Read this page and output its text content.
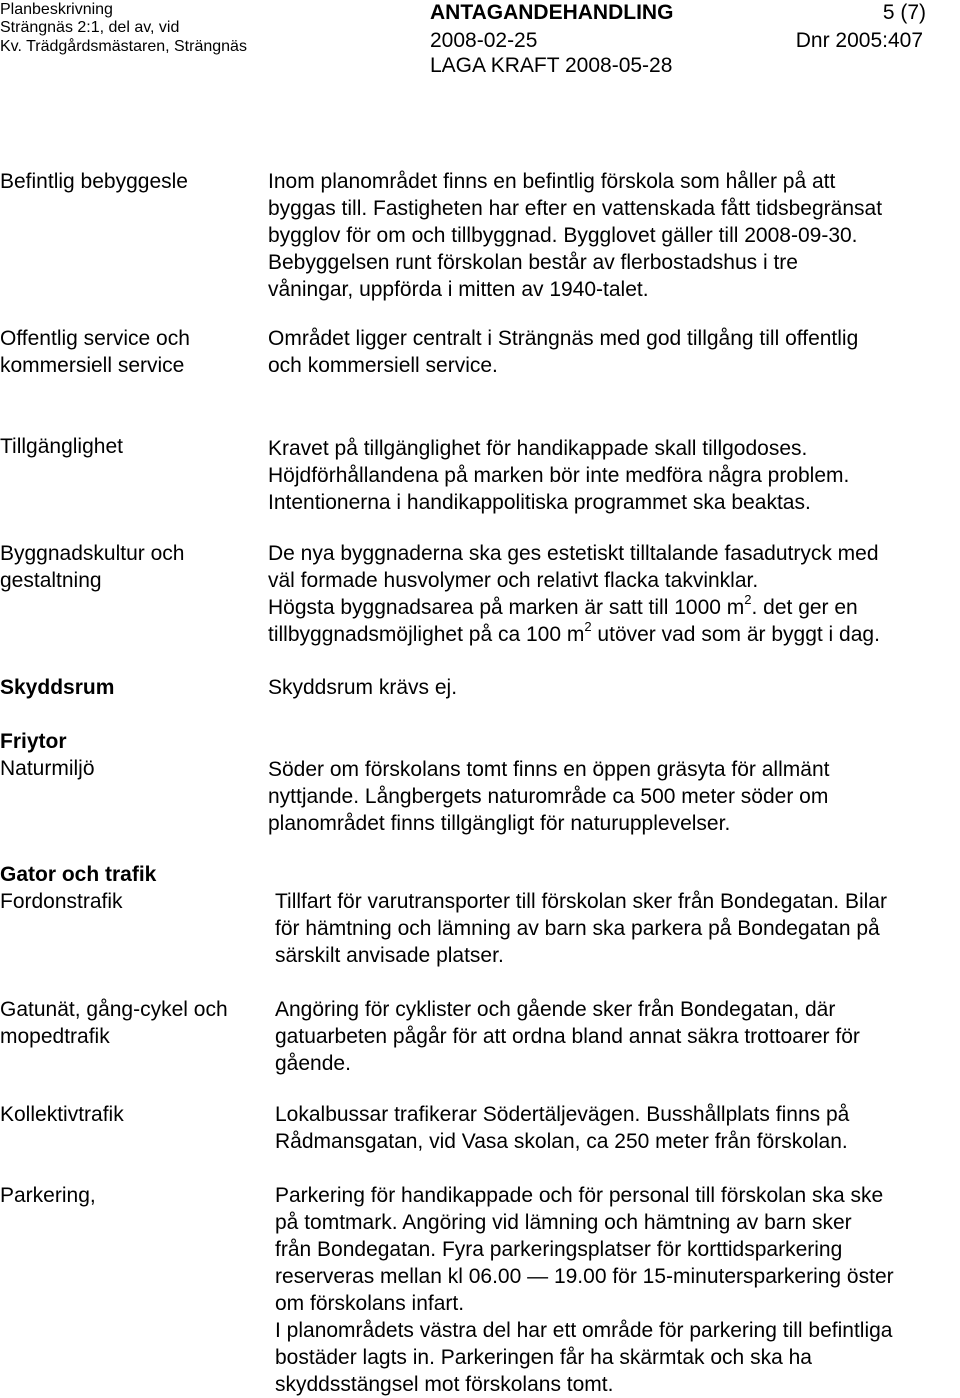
Planbeskrivning
Strängnäs 2:1, del av, vid
Kv. Trädgårdsmästaren, Strängnäs
ANTAGANDEHANDLING
2008-02-25
LAGA KRAFT 2008-05-28
5 (7)
Dnr 2005:407
Befintlig bebyggesle	Inom planområdet finns en befintlig förskola som håller på att
byggas till. Fastigheten har efter en vattenskada fått tidsbegränsat
bygglov för om och tillbyggnad. Bygglovet gäller till 2008-09-30.
Bebyggelsen runt förskolan består av flerbostadshus i tre
våningar, uppförda i mitten av 1940-talet.
Offentlig service och
kommersiell service
Området ligger centralt i Strängnäs med god tillgång till offentlig
och kommersiell service.
Tillgänglighet	Kravet på tillgänglighet för handikappade skall tillgodoses.
Höjdförhållandena på marken bör inte medföra några problem.
Intentionerna i handikappolitiska programmet ska beaktas.
Byggnadskultur och
gestaltning
De nya byggnaderna ska ges estetiskt tilltalande fasadutryck med
väl formade husvolymer och relativt flacka takvinklar.
Högsta byggnadsarea på marken är satt till 1000 $m^2$. det ger en
tillbyggnadsmöjlighet på ca 100 $m^2$ utöver vad som är byggt i dag.
Skyddsrum	Skyddsrum krävs ej.
Friytor
Naturmiljö	Söder om förskolans tomt finns en öppen gräsyta för allmänt
nyttjande. Långbergets naturområde ca 500 meter söder om
planområdet finns tillgängligt för naturupplevelser.
Gator och trafik
Fordonstrafik	Tillfart för varutransporter till förskolan sker från Bondegatan. Bilar
för hämtning och lämning av barn ska parkera på Bondegatan på
särskilt anvisade platser.
Gatunät, gång-cykel och
mopedtrafik
Angöring för cyklister och gående sker från Bondegatan, där
gatuarbeten pågår för att ordna bland annat säkra trottoarer för
gående.
Kollektivtrafik	Lokalbussar trafikerar Södertäljevägen. Busshållplats finns på
Rådmansgatan, vid Vasa skolan, ca 250 meter från förskolan.
Parkering,	Parkering för handikappade och för personal till förskolan ska ske
på tomtmark. Angöring vid lämning och hämtning av barn sker
från Bondegatan. Fyra parkeringsplatser för korttidsparkering
reserveras mellan kl 06.00 — 19.00 för 15-minutersparkering öster
om förskolans infart.
I planområdets västra del har ett område för parkering till befintliga
bostäder lagts in. Parkeringen får ha skärmtak och ska ha
skyddsstängsel mot förskolans tomt.
